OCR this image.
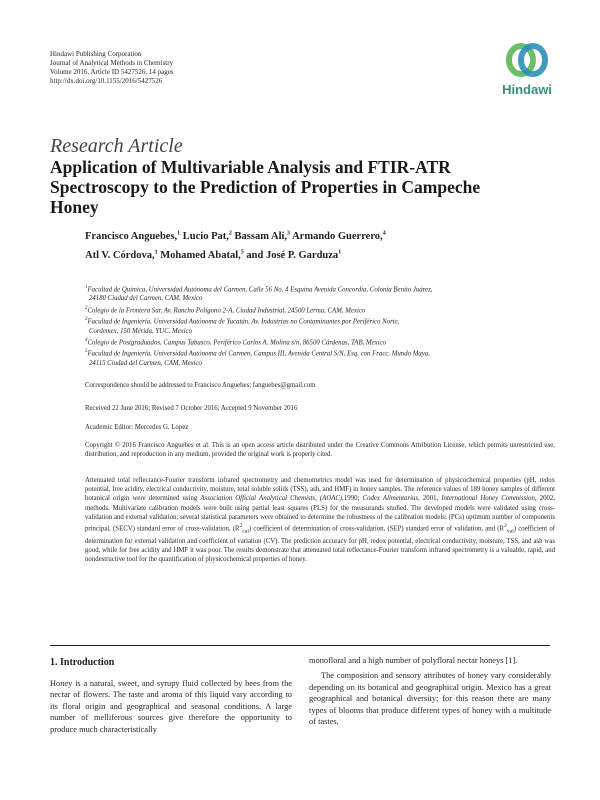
Hindawi Publishing Corporation
Journal of Analytical Methods in Chemistry
Volume 2016, Article ID 5427526, 14 pages
http://dx.doi.org/10.1155/2016/5427526
Hindawi
Research Article
Application of Multivariable Analysis and FTIR-ATR Spectroscopy to the Prediction of Properties in Campeche Honey
Francisco Anguebes,$^1$ Lucio Pat,$^2$ Bassam Ali,$^3$ Armando Guerrero,$^4$
Atl V. Córdova,$^1$ Mohamed Abatal,$^5$ and José P. Garduza$^1$
$^1$Facultad de Química, Universidad Autónoma del Carmen, Calle 56 No. 4 Esquina Avenida Concordia, Colonia Benito Juárez,
24180 Ciudad del Carmen, CAM, Mexico
$^2$Colegio de la Frontera Sur, Av. Rancho Polígono 2-A, Ciudad Industrial, 24500 Lerma, CAM, Mexico
$^3$Facultad de Ingeniería, Universidad Autónoma de Yucatán, Av. Industrias no Contaminantes por Periférico Norte,
Cordemex, 150 Mérida, YUC, Mexico
$^4$Colegio de Postgraduados, Campus Tabasco, Periférico Carlos A. Molina s/n, 86500 Cárdenas, TAB, Mexico
$^5$Facultad de Ingeniería, Universidad Autónoma del Carmen, Campus III, Avenida Central S/N, Esq. con Fracc. Mundo Maya,
24115 Ciudad del Carmen, CAM, Mexico
Correspondence should be addressed to Francisco Anguebes; fanguebes@gmail.com
Received 22 June 2016; Revised 7 October 2016; Accepted 9 November 2016
Academic Editor: Mercedes G. Lopez
Copyright © 2016 Francisco Anguebes et al. This is an open access article distributed under the Creative Commons Attribution License, which permits unrestricted use, distribution, and reproduction in any medium, provided the original work is properly cited.
Attenuated total reflectance-Fourier transform infrared spectrometry and chemometrics model was used for determination of physicochemical properties (pH, redox potential, free acidity, electrical conductivity, moisture, total soluble solids (TSS), ash, and HMF) in honey samples. The reference values of 189 honey samples of different botanical origin were determined using Association Official Analytical Chemists, (AOAC),1990; Codex Alimentarius, 2001, International Honey Commission, 2002, methods. Multivariate calibration models were built using partial least squares (PLS) for the measurands studied. The developed models were validated using cross-validation and external validation; several statistical parameters were obtained to determine the robustness of the calibration models: (PCs) optimum number of components principal, (SECV) standard error of cross-validation, $(R^2_{cal})$ coefficient of determination of cross-validation, (SEP) standard error of validation, and $(R^2_{val})$ coefficient of determination for external validation and coefficient of variation (CV). The prediction accuracy for pH, redox potential, electrical conductivity, moisture, TSS, and ash was good, while for free acidity and HMF it was poor. The results demonstrate that attenuated total reflectance-Fourier transform infrared spectrometry is a valuable, rapid, and nondestructive tool for the quantification of physicochemical properties of honey.
1. Introduction
Honey is a natural, sweet, and syrupy fluid collected by bees from the nectar of flowers. The taste and aroma of this liquid vary according to its floral origin and geographical and seasonal conditions. A large number of melliferous sources give therefore the opportunity to produce much characteristically
monofloral and a high number of polyfloral nectar honeys [1].
The composition and sensory attributes of honey vary considerably depending on its botanical and geographical origin. Mexico has a great geographical and botanical diversity; for this reason there are many types of blooms that produce different types of honey with a multitude of tastes,
